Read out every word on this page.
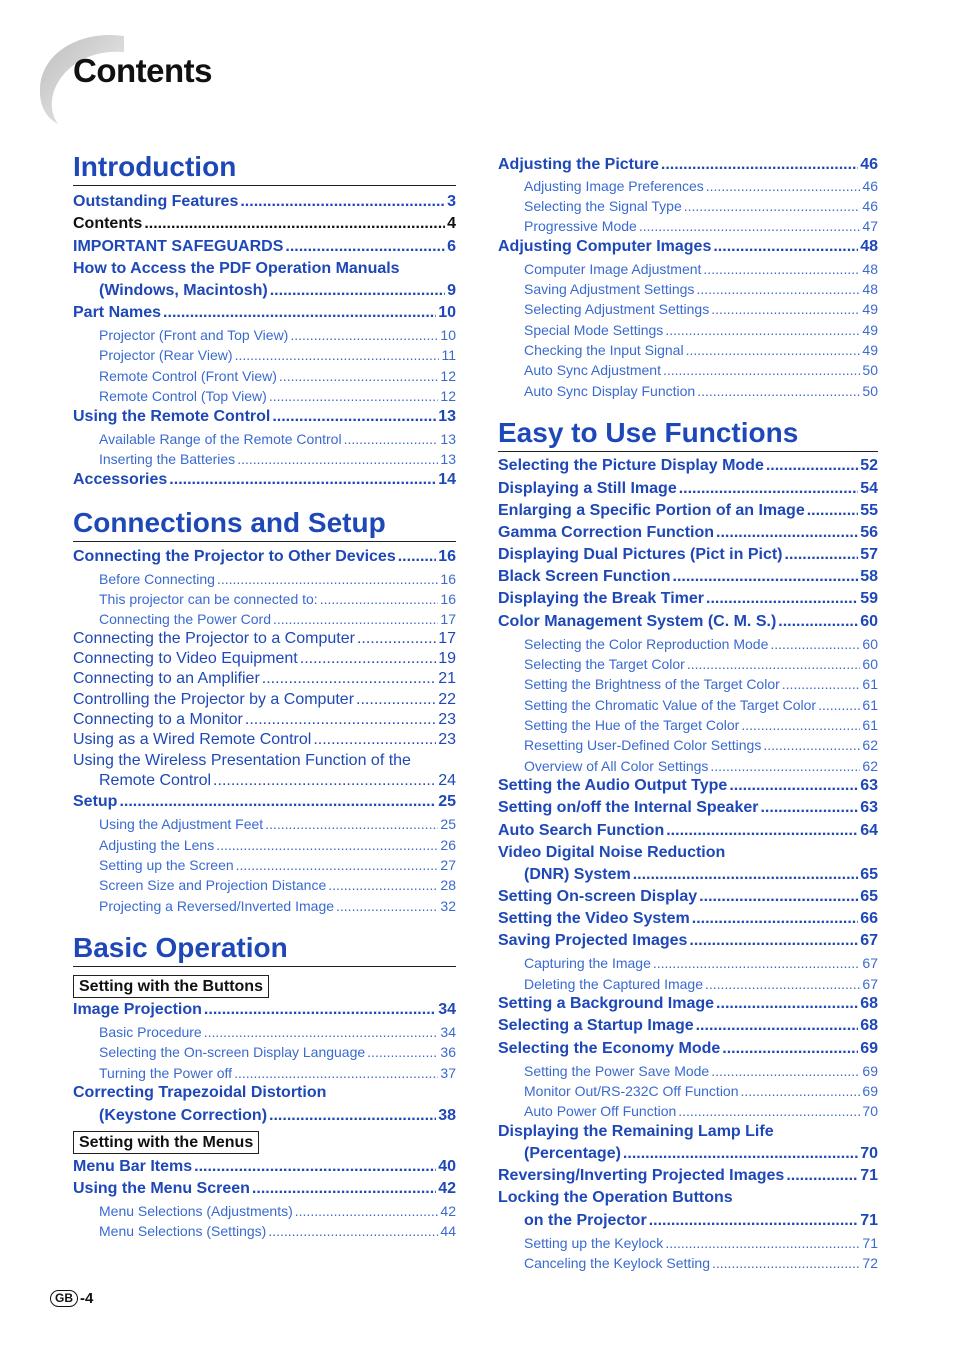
Contents
Introduction
Outstanding Features .....	3
Contents .....	4
IMPORTANT SAFEGUARDS .....	6
How to Access the PDF Operation Manuals
(Windows, Macintosh) .....	9
Part Names .....	10
Projector (Front and Top View) .....	10
Projector (Rear View) .....	11
Remote Control (Front View) .....	12
Remote Control (Top View) .....	12
Using the Remote Control .....	13
Available Range of the Remote Control .....	13
Inserting the Batteries .....	13
Accessories .....	14
Connections and Setup
Connecting the Projector to Other Devices .....	16
Before Connecting .....	16
This projector can be connected to: .....	16
Connecting the Power Cord .....	17
Connecting the Projector to a Computer .....	17
Connecting to Video Equipment .....	19
Connecting to an Amplifier .....	21
Controlling the Projector by a Computer .....	22
Connecting to a Monitor .....	23
Using as a Wired Remote Control .....	23
Using the Wireless Presentation Function of the
Remote Control .....	24
Setup .....	25
Using the Adjustment Feet .....	25
Adjusting the Lens .....	26
Setting up the Screen .....	27
Screen Size and Projection Distance .....	28
Projecting a Reversed/Inverted Image .....	32
Basic Operation
Setting with the Buttons
Image Projection .....	34
Basic Procedure .....	34
Selecting the On-screen Display Language .....	36
Turning the Power off .....	37
Correcting Trapezoidal Distortion
(Keystone Correction) .....	38
Setting with the Menus
Menu Bar Items .....	40
Using the Menu Screen .....	42
Menu Selections (Adjustments) .....	42
Menu Selections (Settings) .....	44
Adjusting the Picture .....	46
Adjusting Image Preferences .....	46
Selecting the Signal Type .....	46
Progressive Mode .....	47
Adjusting Computer Images .....	48
Computer Image Adjustment .....	48
Saving Adjustment Settings .....	48
Selecting Adjustment Settings .....	49
Special Mode Settings .....	49
Checking the Input Signal .....	49
Auto Sync Adjustment .....	50
Auto Sync Display Function .....	50
Easy to Use Functions
Selecting the Picture Display Mode .....	52
Displaying a Still Image .....	54
Enlarging a Specific Portion of an Image .....	55
Gamma Correction Function .....	56
Displaying Dual Pictures (Pict in Pict) .....	57
Black Screen Function .....	58
Displaying the Break Timer .....	59
Color Management System (C. M. S.) .....	60
Selecting the Color Reproduction Mode .....	60
Selecting the Target Color .....	60
Setting the Brightness of the Target Color .....	61
Setting the Chromatic Value of the Target Color .....	61
Setting the Hue of the Target Color .....	61
Resetting User-Defined Color Settings .....	62
Overview of All Color Settings .....	62
Setting the Audio Output Type .....	63
Setting on/off the Internal Speaker .....	63
Auto Search Function .....	64
Video Digital Noise Reduction
(DNR) System .....	65
Setting On-screen Display .....	65
Setting the Video System .....	66
Saving Projected Images .....	67
Capturing the Image .....	67
Deleting the Captured Image .....	67
Setting a Background Image .....	68
Selecting a Startup Image .....	68
Selecting the Economy Mode .....	69
Setting the Power Save Mode .....	69
Monitor Out/RS-232C Off Function .....	69
Auto Power Off Function .....	70
Displaying the Remaining Lamp Life
(Percentage) .....	70
Reversing/Inverting Projected Images .....	71
Locking the Operation Buttons
on the Projector .....	71
Setting up the Keylock .....	71
Canceling the Keylock Setting .....	72
GB -4
